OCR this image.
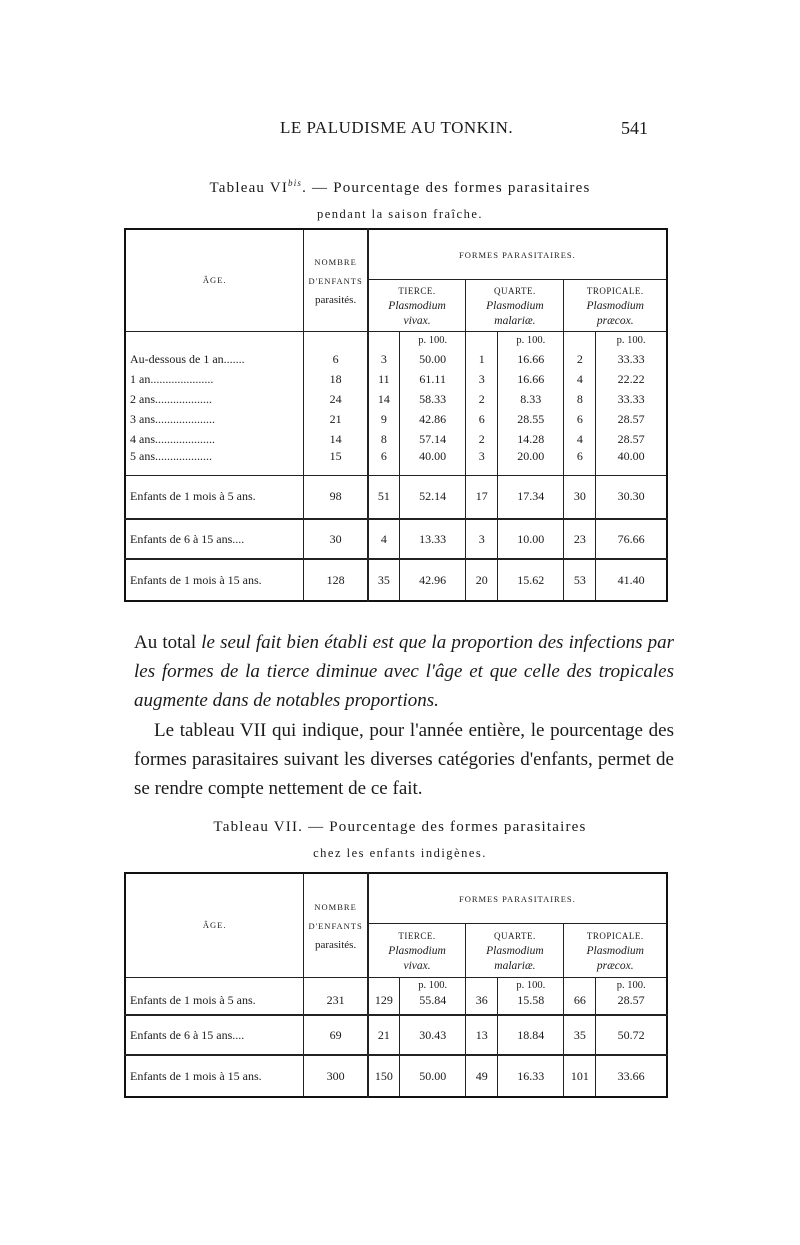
LE PALUDISME AU TONKIN.	541
Tableau $VI^{bis}$. — Pourcentage des formes parasitaires
pendant la saison fraîche.
ÂGE.	NOMBRE
D'ENFANTS
parasités.	FORMES PARASITAIRES.					
		TIERCE.
Plasmodium
vivax.		QUARTE.
Plasmodium
malariæ.		TROPICALE.
Plasmodium
præcox.	
			p. 100.		p. 100.		p. 100.
Au-dessous de 1 an.......	6	3	50.00	1	16.66	2	33.33
1 an.....................	18	11	61.11	3	16.66	4	22.22
2 ans...................	24	14	58.33	2	8.33	8	33.33
3 ans....................	21	9	42.86	6	28.55	6	28.57
4 ans....................	14	8	57.14	2	14.28	4	28.57
5 ans...................	15	6	40.00	3	20.00	6	40.00
Enfants de 1 mois à 5 ans.	98	51	52.14	17	17.34	30	30.30
Enfants de 6 à 15 ans....	30	4	13.33	3	10.00	23	76.66
Enfants de 1 mois à 15 ans.	128	35	42.96	20	15.62	53	41.40
Au total le seul fait bien établi est que la proportion des infections par les formes de la tierce diminue avec l'âge et que celle des tropicales augmente dans de notables proportions.
Le tableau VII qui indique, pour l'année entière, le pourcentage des formes parasitaires suivant les diverses catégories d'enfants, permet de se rendre compte nettement de ce fait.
Tableau VII. — Pourcentage des formes parasitaires
chez les enfants indigènes.
ÂGE.	NOMBRE
D'ENFANTS
parasités.	FORMES PARASITAIRES.					
		TIERCE.
Plasmodium
vivax.		QUARTE.
Plasmodium
malariæ.		TROPICALE.
Plasmodium
præcox.	
			p. 100.		p. 100.		p. 100.
Enfants de 1 mois à 5 ans.	231	129	55.84	36	15.58	66	28.57
Enfants de 6 à 15 ans....	69	21	30.43	13	18.84	35	50.72
Enfants de 1 mois à 15 ans.	300	150	50.00	49	16.33	101	33.66
